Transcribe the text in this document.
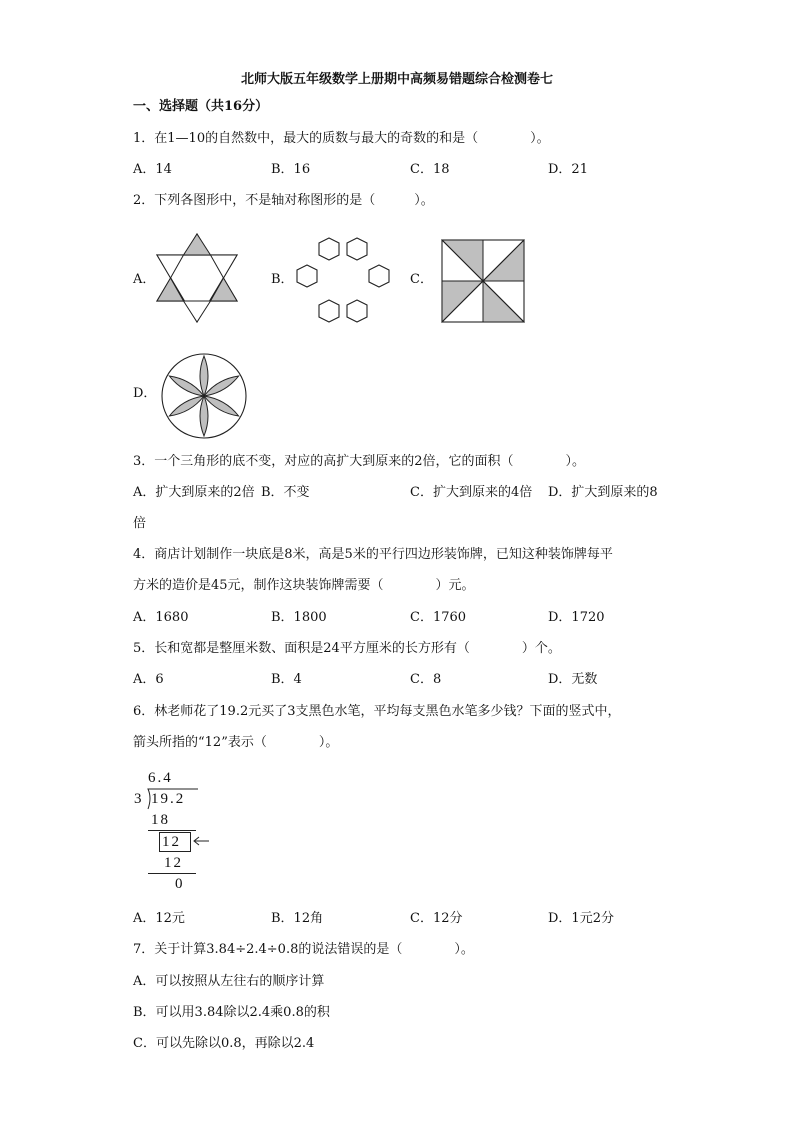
北师大版五年级数学上册期中高频易错题综合检测卷七
一、选择题（共16分）
1．在1—10的自然数中，最大的质数与最大的奇数的和是（　　　　）。
A．14	B．16	C．18	D．21
2．下列各图形中，不是轴对称图形的是（　　　）。
A．	B．	C．
D．
3．一个三角形的底不变，对应的高扩大到原来的2倍，它的面积（　　　　）。
A．扩大到原来的2倍 B．不变	C．扩大到原来的4倍 D．扩大到原来的8
倍
4．商店计划制作一块底是8米，高是5米的平行四边形装饰牌，已知这种装饰牌每平
方米的造价是45元，制作这块装饰牌需要（　　　　）元。
A．1680	B．1800	C．1760	D．1720
5．长和宽都是整厘米数、面积是24平方厘米的长方形有（　　　　）个。
A．6	B．4	C．8	D．无数
6．林老师花了19.2元买了3支黑色水笔，平均每支黑色水笔多少钱？下面的竖式中，
箭头所指的“12”表示（　　　　）。
6.4
3 19.2
18
12
12
0
A．12元	B．12角	C．12分	D．1元2分
7．关于计算3.84÷2.4÷0.8的说法错误的是（　　　　）。
A．可以按照从左往右的顺序计算
B．可以用3.84除以2.4乘0.8的积
C．可以先除以0.8，再除以2.4
